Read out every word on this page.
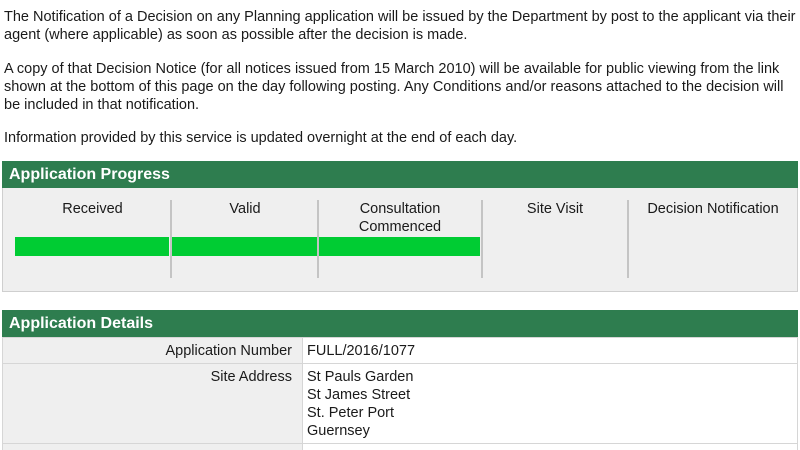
The Notification of a Decision on any Planning application will be issued by the Department by post to the applicant via their agent (where applicable) as soon as possible after the decision is made.

A copy of that Decision Notice (for all notices issued from 15 March 2010) will be available for public viewing from the link shown at the bottom of this page on the day following posting. Any Conditions and/or reasons attached to the decision will be included in that notification.

Information provided by this service is updated overnight at the end of each day.

Application Progress
Received	Valid	Consultation Commenced
Site Visit	Decision Notification
Application Details
Application Number	FULL/2016/1077
Site Address	St Pauls Garden
St James Street
St. Peter Port
Guernsey
